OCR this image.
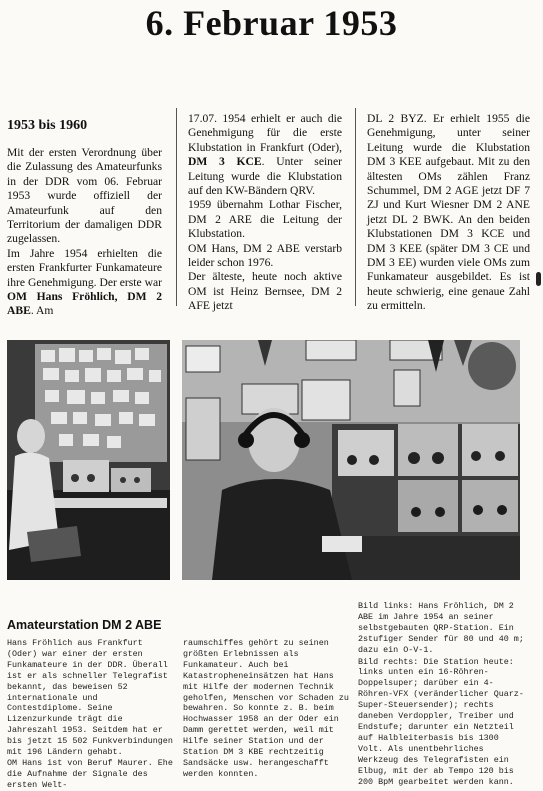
6. Februar 1953
1953 bis 1960

Mit der ersten Verordnung über die Zulassung des Amateurfunks in der DDR vom 06. Februar 1953 wurde offiziell der Amateurfunk auf den Territorium der damaligen DDR zugelassen.

Im Jahre 1954 erhielten die ersten Frankfurter Funkamateure ihre Genehmigung. Der erste war OM Hans Fröhlich, DM 2 ABE. Am

17.07. 1954 erhielt er auch die Genehmigung für die erste Klubstation in Frankfurt (Oder), DM 3 KCE. Unter seiner Leitung wurde die Klubstation auf den KW-Bändern QRV.

1959 übernahm Lothar Fischer, DM 2 ARE die Leitung der Klubstation.

OM Hans, DM 2 ABE verstarb leider schon 1976.

Der älteste, heute noch aktive OM ist Heinz Bernsee, DM 2 AFE jetzt

DL 2 BYZ. Er erhielt 1955 die Genehmigung, unter seiner Leitung wurde die Klubstation DM 3 KEE aufgebaut. Mit zu den ältesten OMs zählen Franz Schummel, DM 2 AGE jetzt DF 7 ZJ und Kurt Wiesner DM 2 ANE jetzt DL 2 BWK. An den beiden Klubstationen DM 3 KCE und DM 3 KEE (später DM 3 CE und DM 3 EE) wurden viele OMs zum Funkamateur ausgebildet. Es ist heute schwierig, eine genaue Zahl zu ermitteln.

Amateurstation DM 2 ABE
Hans Fröhlich aus Frankfurt (Oder) war einer der ersten Funkamateure in der DDR. Überall ist er als schneller Telegrafist bekannt, das beweisen 52 internationale und Contestdiplome. Seine Lizenzurkunde trägt die Jahreszahl 1953. Seitdem hat er bis jetzt 15 502 Funkverbindungen mit 196 Ländern gehabt.
OM Hans ist von Beruf Maurer. Ehe die Aufnahme der Signale des ersten Welt-
raumschiffes gehört zu seinen größten Erlebnissen als Funkamateur. Auch bei Katastropheneinsätzen hat Hans mit Hilfe der modernen Technik geholfen, Menschen vor Schaden zu bewahren. So konnte z. B. beim Hochwasser 1958 an der Oder ein Damm gerettet werden, weil mit Hilfe seiner Station und der Station DM 3 KBE rechtzeitig Sandsäcke usw. herangeschafft werden konnten.

Bild links: Hans Fröhlich, DM 2 ABE im Jahre 1954 an seiner selbstgebauten QRP-Station. Ein 2stufiger Sender für 80 und 40 m; dazu ein O-V-1.

Bild rechts: Die Station heute: links unten ein 16-Röhren-Doppelsuper; darüber ein 4-Röhren-VFX (veränderlicher Quarz-Super-Steuersender); rechts daneben Verdoppler, Treiber und Endstufe; darunter ein Netzteil auf Halbleiterbasis bis 1300 Volt. Als unentbehrliches Werkzeug des Telegrafisten ein Elbug, mit der ab Tempo 120 bis 200 BpM gearbeitet werden kann.
